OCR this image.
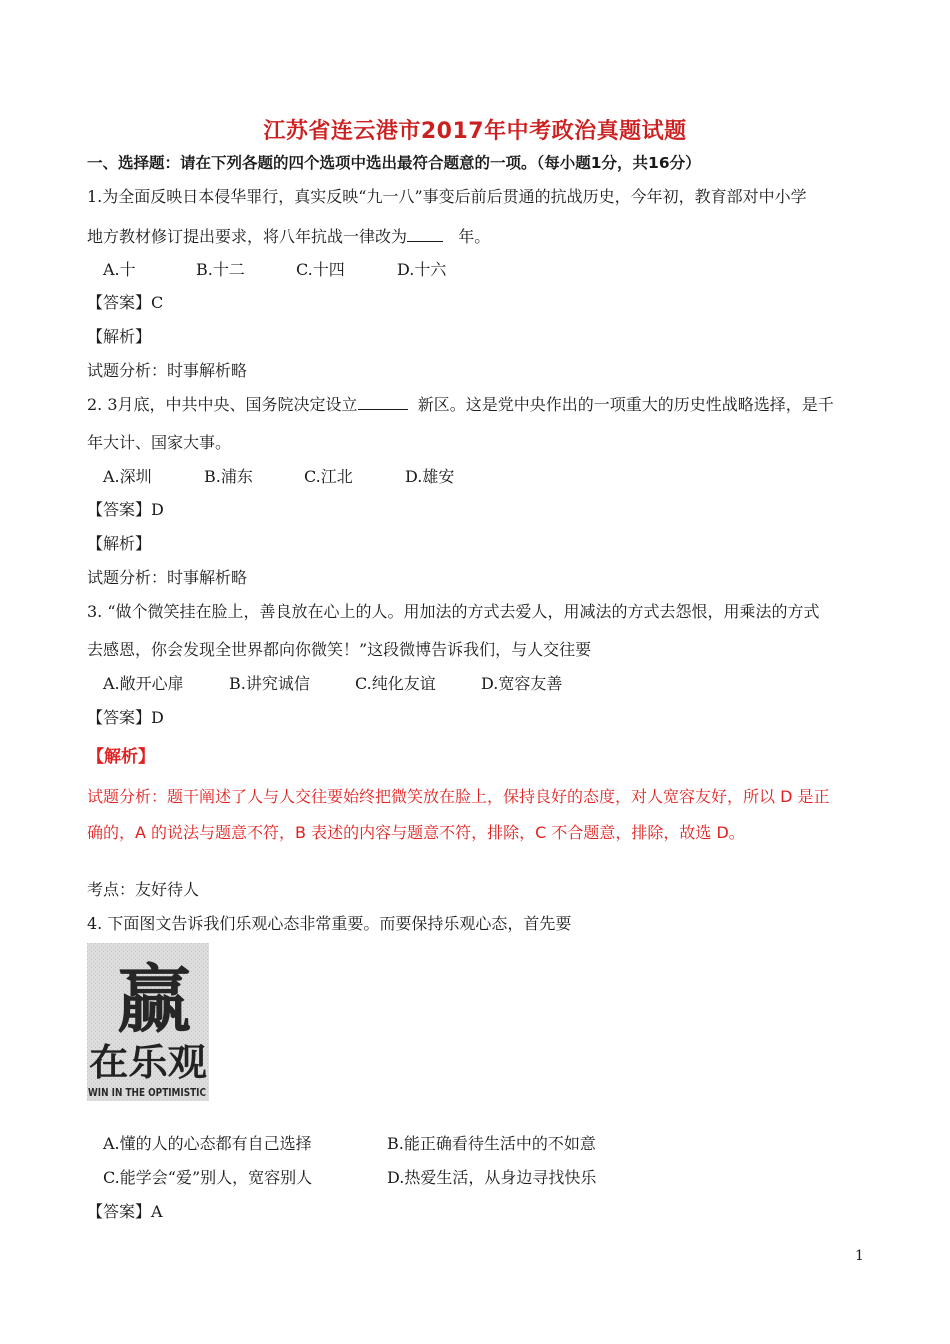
江苏省连云港市2017年中考政治真题试题
一、选择题：请在下列各题的四个选项中选出最符合题意的一项。（每小题1分，共16分）
1.为全面反映日本侵华罪行，真实反映“九一八”事变后前后贯通的抗战历史，今年初，教育部对中小学
地方教材修订提出要求，将八年抗战一律改为	年。
A.十	B.十二	C.十四	D.十六
【答案】C
【解析】
试题分析：时事解析略
2. 3月底，中共中央、国务院决定设立	新区。这是党中央作出的一项重大的历史性战略选择，是千
年大计、国家大事。
A.深圳	B.浦东	C.江北	D.雄安
【答案】D
【解析】
试题分析：时事解析略
3. “做个微笑挂在脸上，善良放在心上的人。用加法的方式去爱人，用减法的方式去怨恨，用乘法的方式
去感恩，你会发现全世界都向你微笑！”这段微博告诉我们，与人交往要
A.敞开心扉	B.讲究诚信	C.纯化友谊	D.宽容友善
【答案】D
【解析】
试题分析：题干阐述了人与人交往要始终把微笑放在脸上，保持良好的态度，对人宽容友好，所以 D 是正
确的，A 的说法与题意不符，B 表述的内容与题意不符，排除，C 不合题意，排除，故选 D。
考点：友好待人
4. 下面图文告诉我们乐观心态非常重要。而要保持乐观心态，首先要
赢
在乐观
WIN IN THE OPTIMISTIC
A.懂的人的心态都有自己选择	B.能正确看待生活中的不如意
C.能学会“爱”别人，宽容别人	D.热爱生活，从身边寻找快乐
【答案】A
1
